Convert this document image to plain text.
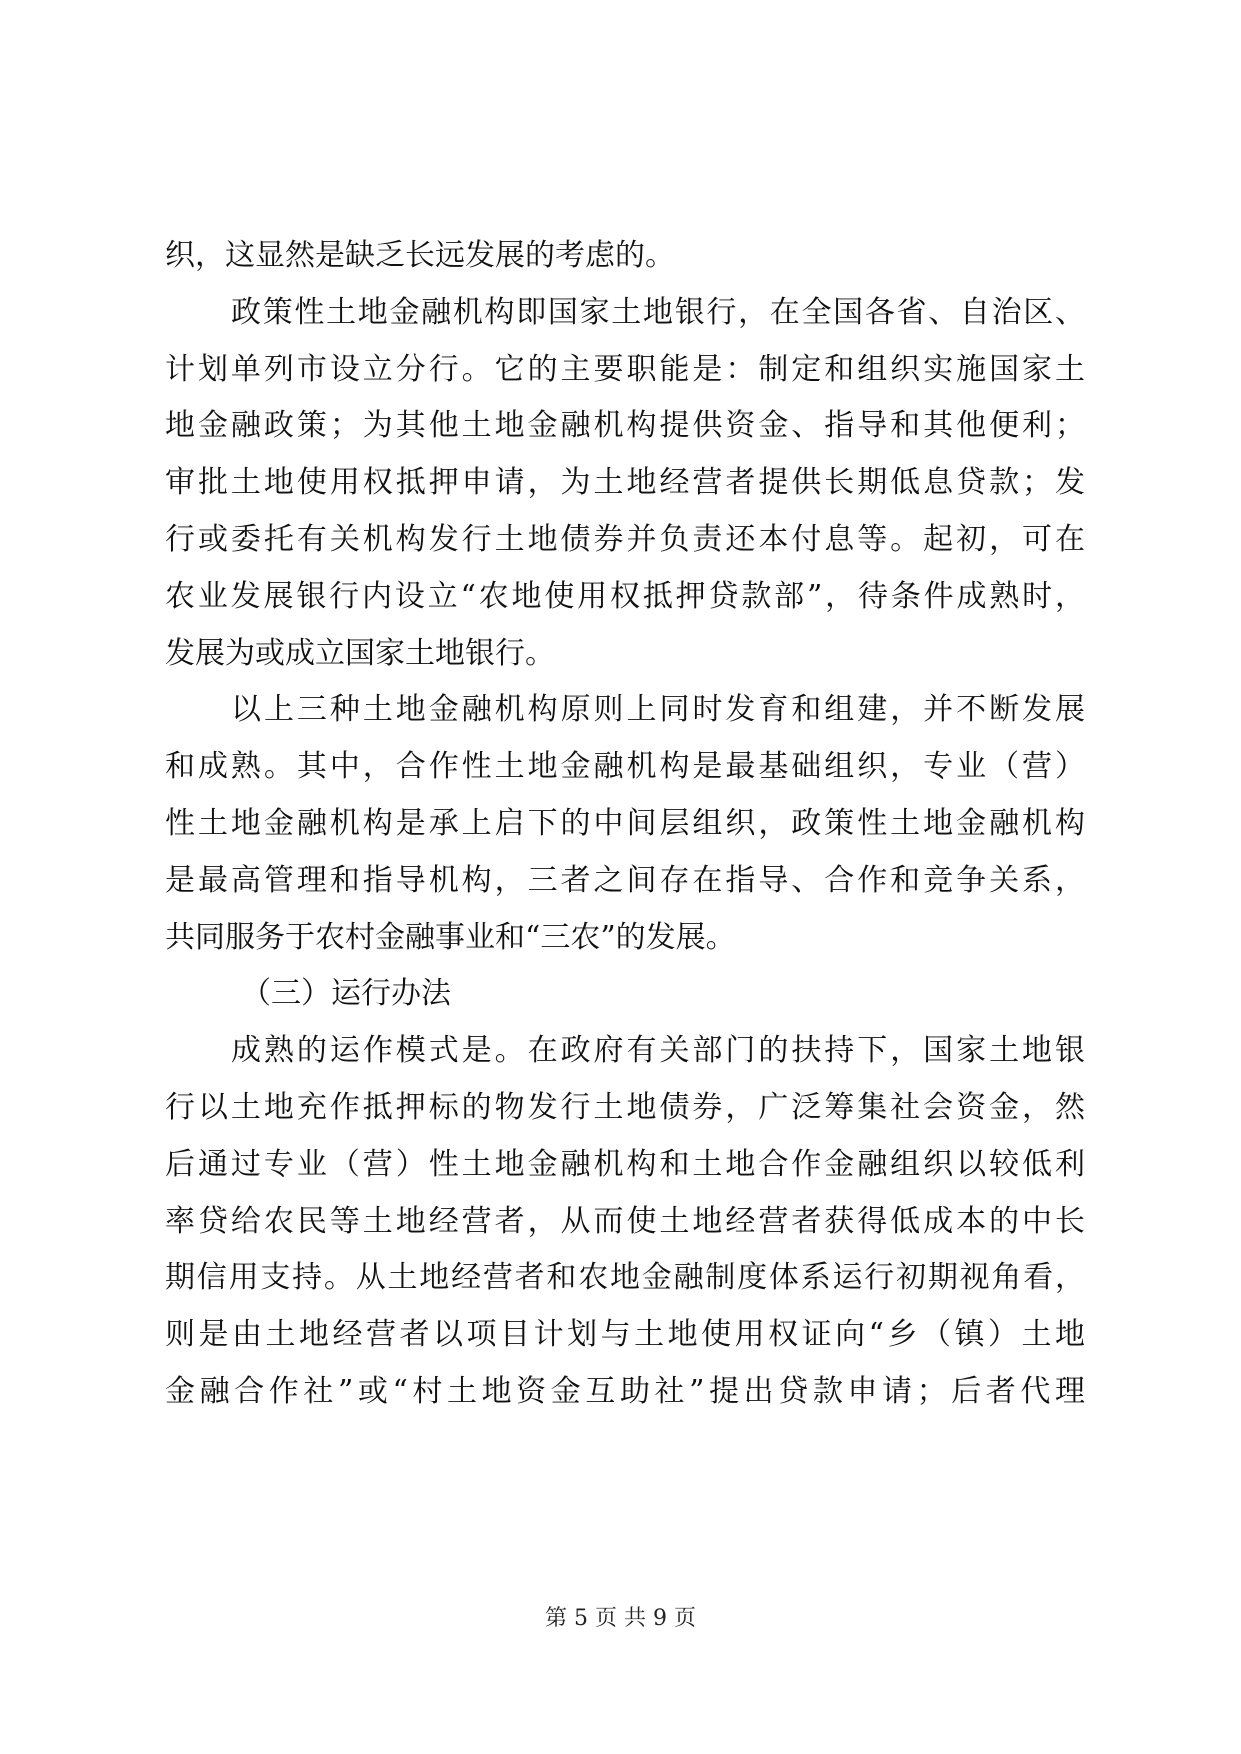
织，这显然是缺乏长远发展的考虑的。
政策性土地金融机构即国家土地银行，在全国各省、自治区、
计划单列市设立分行。它的主要职能是：制定和组织实施国家土
地金融政策；为其他土地金融机构提供资金、指导和其他便利；
审批土地使用权抵押申请，为土地经营者提供长期低息贷款；发
行或委托有关机构发行土地债券并负责还本付息等。起初，可在
农业发展银行内设立“农地使用权抵押贷款部”，待条件成熟时，
发展为或成立国家土地银行。
以上三种土地金融机构原则上同时发育和组建，并不断发展
和成熟。其中，合作性土地金融机构是最基础组织，专业（营）
性土地金融机构是承上启下的中间层组织，政策性土地金融机构
是最高管理和指导机构，三者之间存在指导、合作和竞争关系，
共同服务于农村金融事业和“三农”的发展。
（三）运行办法
成熟的运作模式是。在政府有关部门的扶持下，国家土地银
行以土地充作抵押标的物发行土地债券，广泛筹集社会资金，然
后通过专业（营）性土地金融机构和土地合作金融组织以较低利
率贷给农民等土地经营者，从而使土地经营者获得低成本的中长
期信用支持。从土地经营者和农地金融制度体系运行初期视角看，
则是由土地经营者以项目计划与土地使用权证向“乡（镇）土地
金融合作社”或“村土地资金互助社”提出贷款申请；后者代理
第 5 页 共 9 页
